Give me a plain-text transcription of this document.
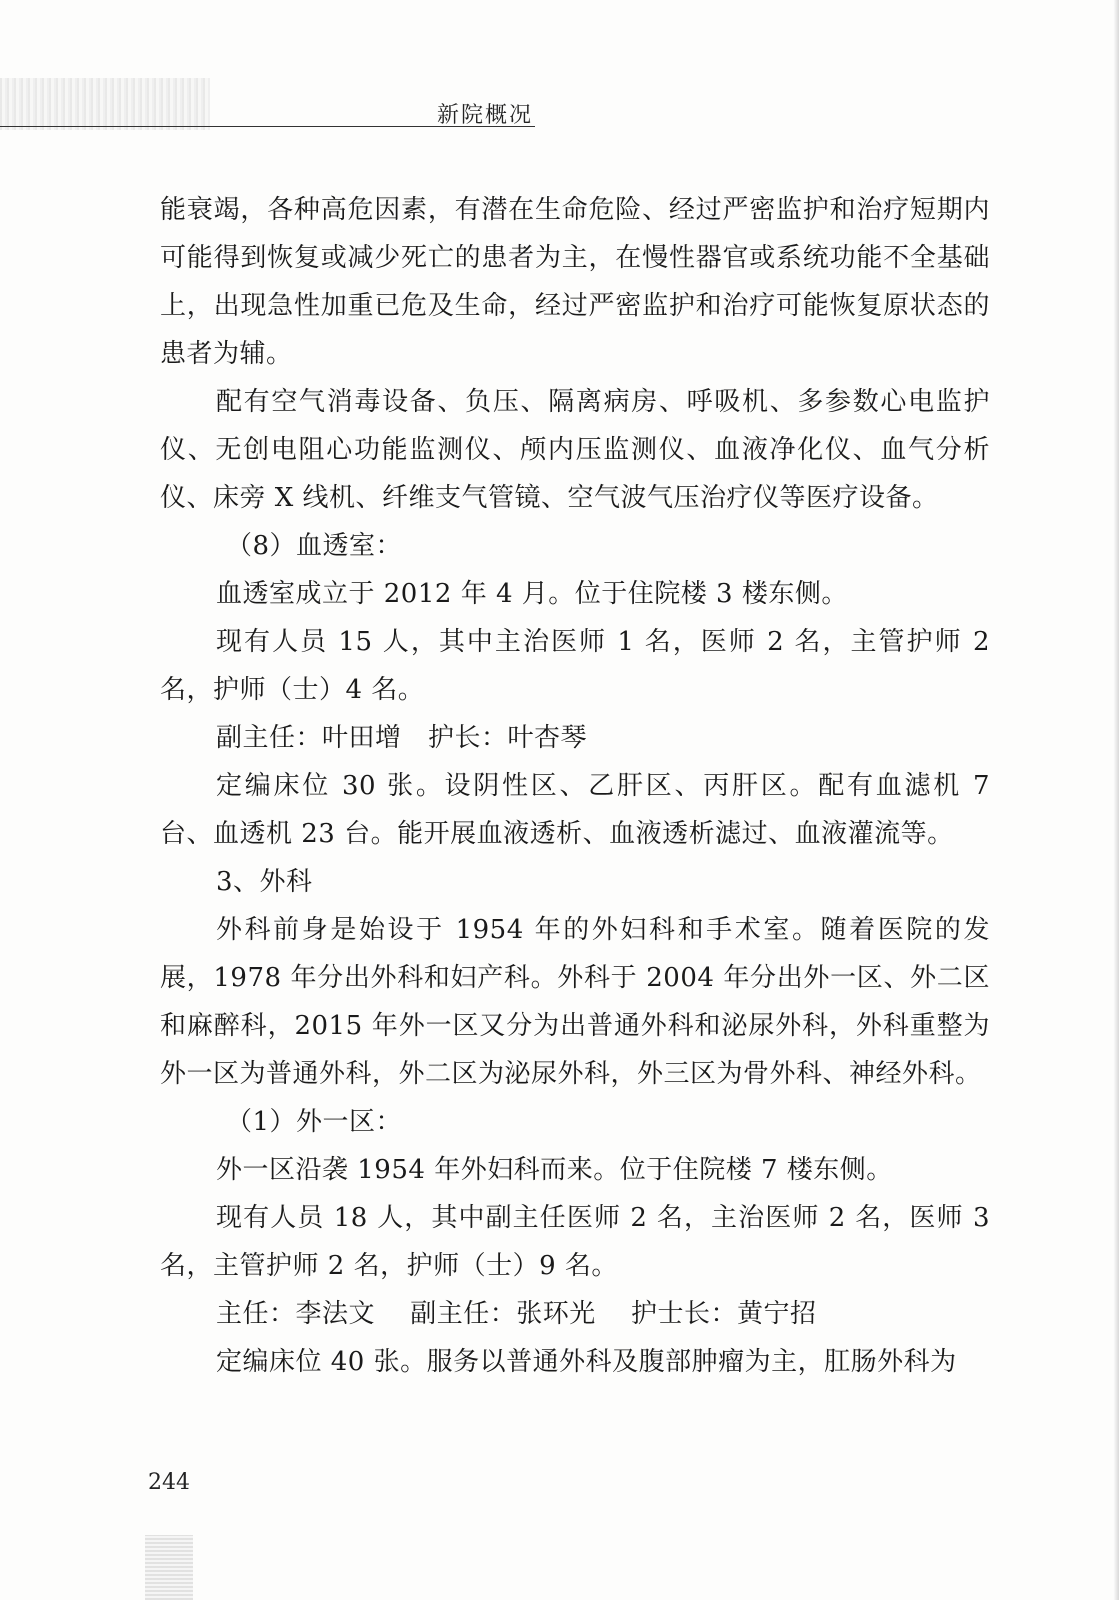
新院概况

能衰竭，各种高危因素，有潜在生命危险、经过严密监护和治疗短期内可能得到恢复或减少死亡的患者为主，在慢性器官或系统功能不全基础上，出现急性加重已危及生命，经过严密监护和治疗可能恢复原状态的患者为辅。

配有空气消毒设备、负压、隔离病房、呼吸机、多参数心电监护仪、无创电阻心功能监测仪、颅内压监测仪、血液净化仪、血气分析仪、床旁 X 线机、纤维支气管镜、空气波气压治疗仪等医疗设备。

（8）血透室：

血透室成立于 2012 年 4 月。位于住院楼 3 楼东侧。

现有人员 15 人，其中主治医师 1 名，医师 2 名，主管护师 2 名，护师（士）4 名。

副主任：叶田增　护长：叶杏琴

定编床位 30 张。设阴性区、乙肝区、丙肝区。配有血滤机 7 台、血透机 23 台。能开展血液透析、血液透析滤过、血液灌流等。

3、外科

外科前身是始设于 1954 年的外妇科和手术室。随着医院的发展，1978 年分出外科和妇产科。外科于 2004 年分出外一区、外二区和麻醉科，2015 年外一区又分为出普通外科和泌尿外科，外科重整为外一区为普通外科，外二区为泌尿外科，外三区为骨外科、神经外科。

（1）外一区：

外一区沿袭 1954 年外妇科而来。位于住院楼 7 楼东侧。

现有人员 18 人，其中副主任医师 2 名，主治医师 2 名，医师 3 名，主管护师 2 名，护师（士）9 名。

主任：李法文　 副主任：张环光　 护士长：黄宁招

定编床位 40 张。服务以普通外科及腹部肿瘤为主，肛肠外科为

244
